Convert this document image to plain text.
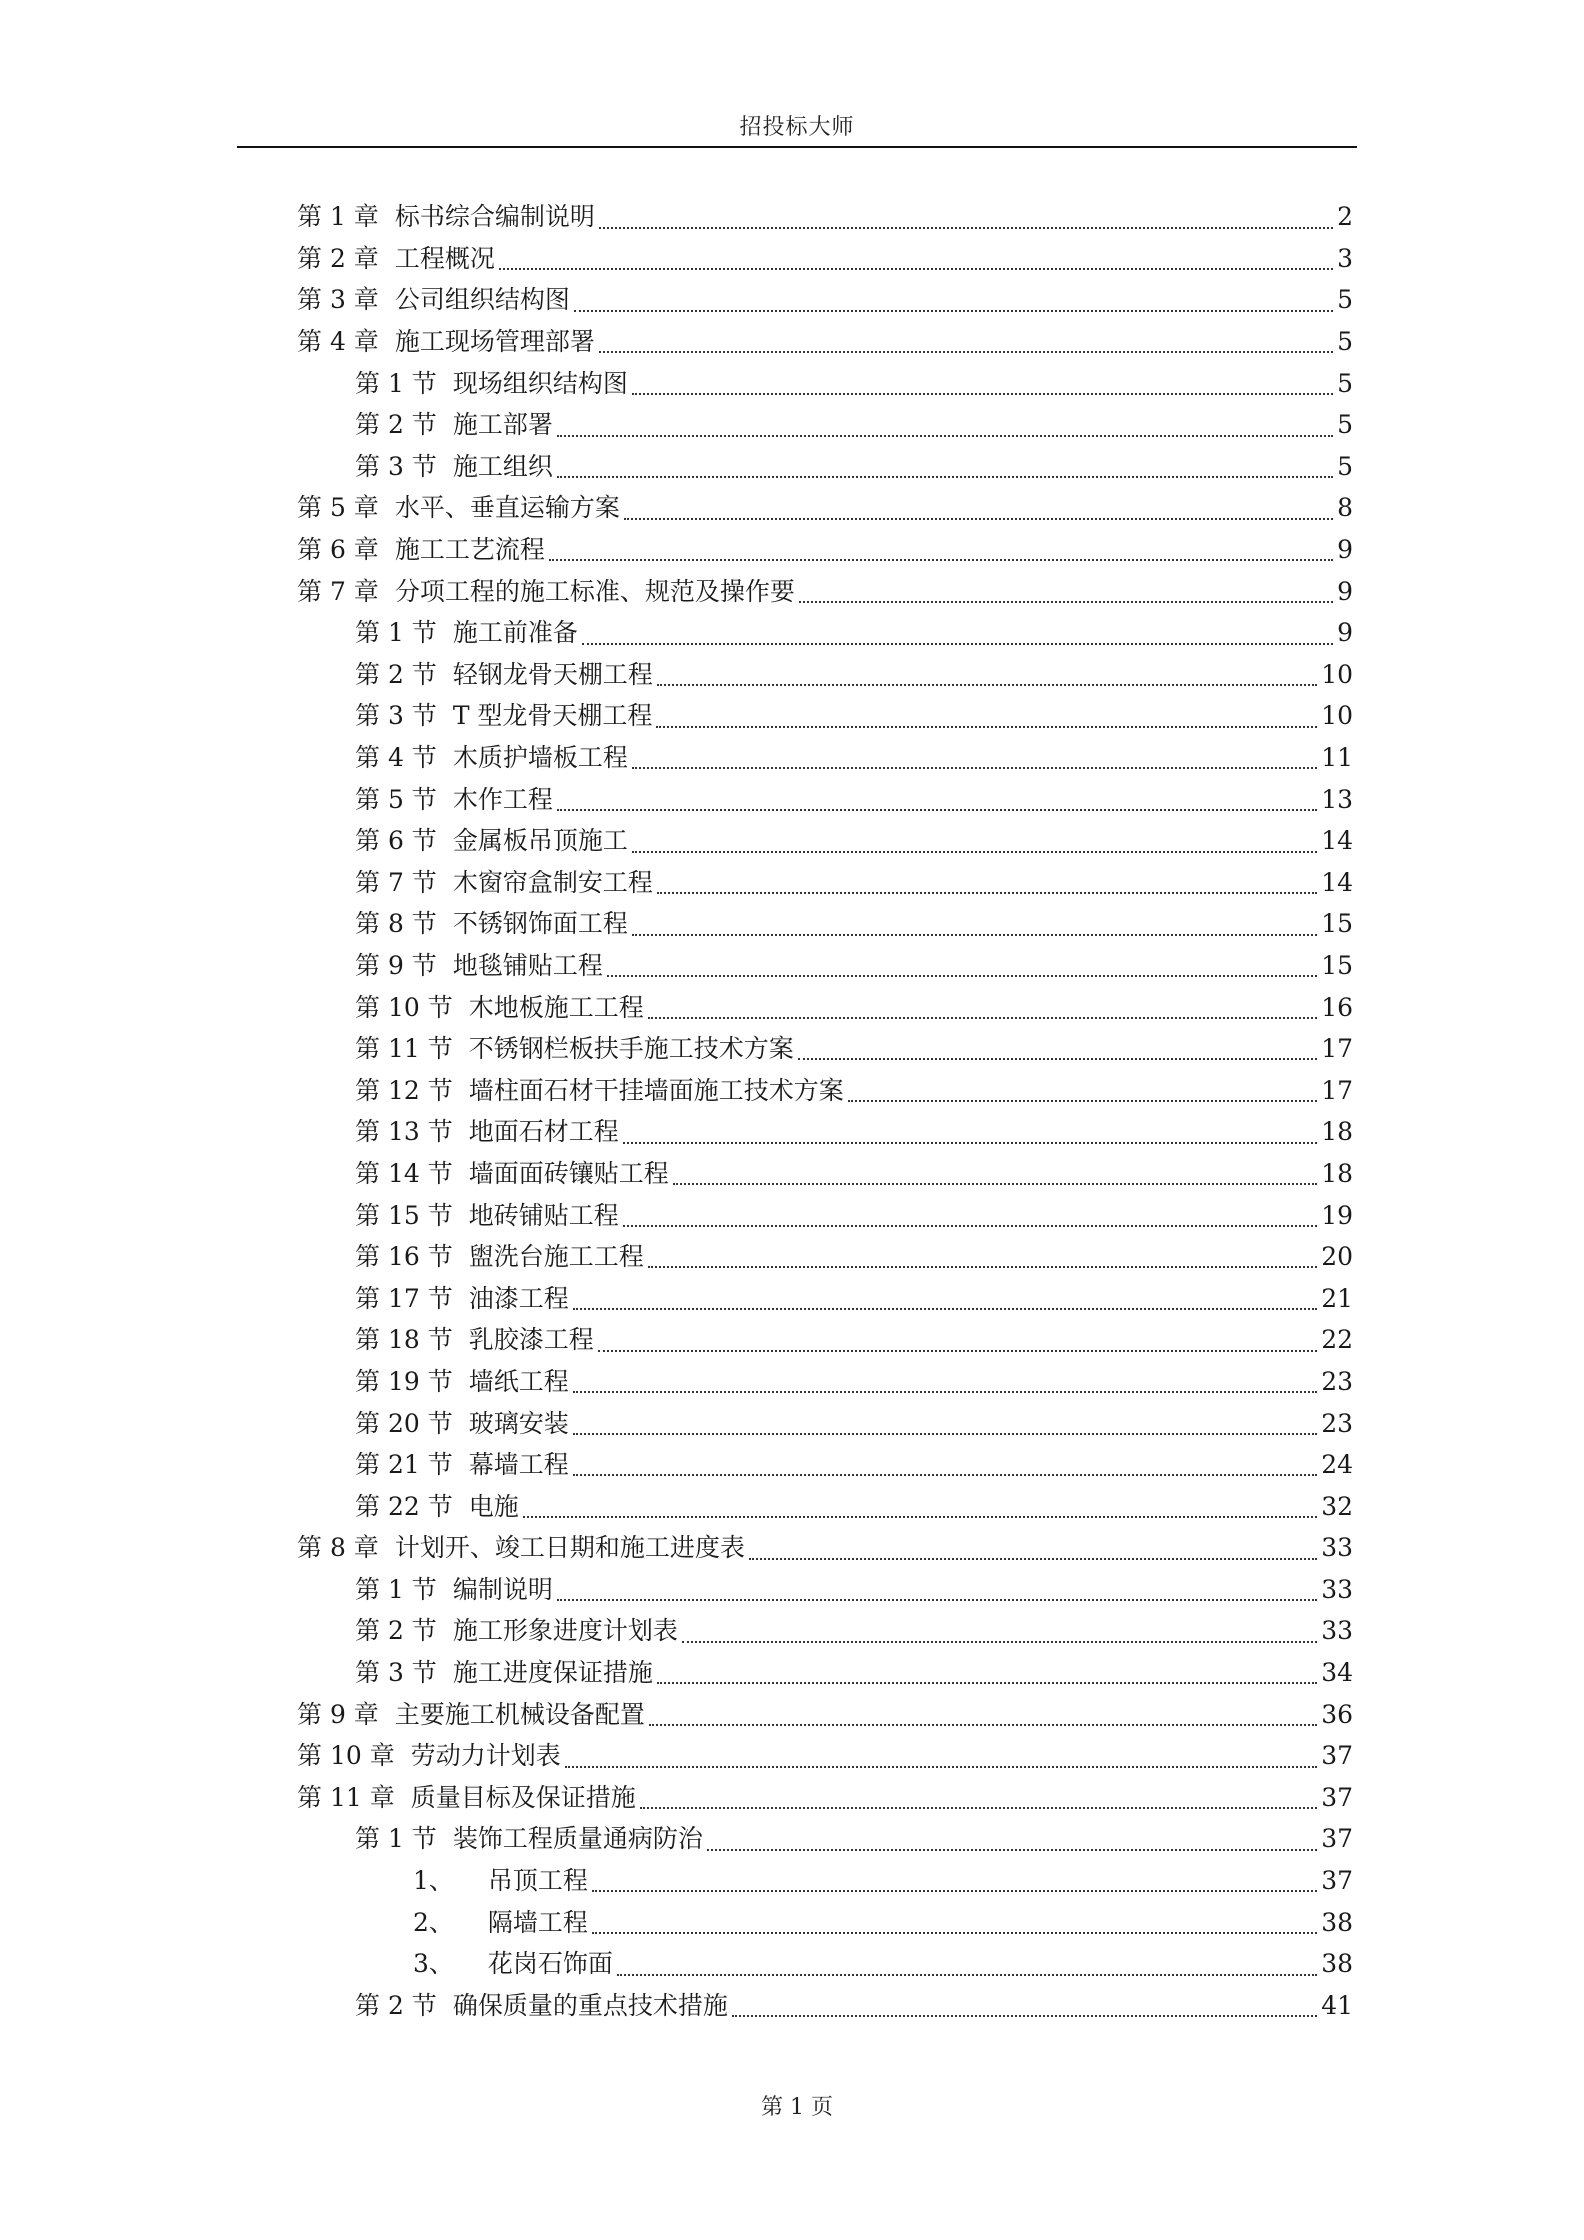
招投标大师
第 1 章 标书综合编制说明	2
第 2 章 工程概况	3
第 3 章 公司组织结构图	5
第 4 章 施工现场管理部署	5
第 1 节 现场组织结构图	5
第 2 节 施工部署	5
第 3 节 施工组织	5
第 5 章 水平、垂直运输方案	8
第 6 章 施工工艺流程	9
第 7 章 分项工程的施工标准、规范及操作要	9
第 1 节 施工前准备	9
第 2 节 轻钢龙骨天棚工程	10
第 3 节 T 型龙骨天棚工程	10
第 4 节 木质护墙板工程	11
第 5 节 木作工程	13
第 6 节 金属板吊顶施工	14
第 7 节 木窗帘盒制安工程	14
第 8 节 不锈钢饰面工程	15
第 9 节 地毯铺贴工程	15
第 10 节 木地板施工工程	16
第 11 节 不锈钢栏板扶手施工技术方案	17
第 12 节 墙柱面石材干挂墙面施工技术方案	17
第 13 节 地面石材工程	18
第 14 节 墙面面砖镶贴工程	18
第 15 节 地砖铺贴工程	19
第 16 节 盥洗台施工工程	20
第 17 节 油漆工程	21
第 18 节 乳胶漆工程	22
第 19 节 墙纸工程	23
第 20 节 玻璃安装	23
第 21 节 幕墙工程	24
第 22 节 电施	32
第 8 章 计划开、竣工日期和施工进度表	33
第 1 节 编制说明	33
第 2 节 施工形象进度计划表	33
第 3 节 施工进度保证措施	34
第 9 章 主要施工机械设备配置	36
第 10 章 劳动力计划表	37
第 11 章 质量目标及保证措施	37
第 1 节 装饰工程质量通病防治	37
1、 吊顶工程	37
2、 隔墙工程	38
3、 花岗石饰面	38
第 2 节 确保质量的重点技术措施	41
第 1 页
